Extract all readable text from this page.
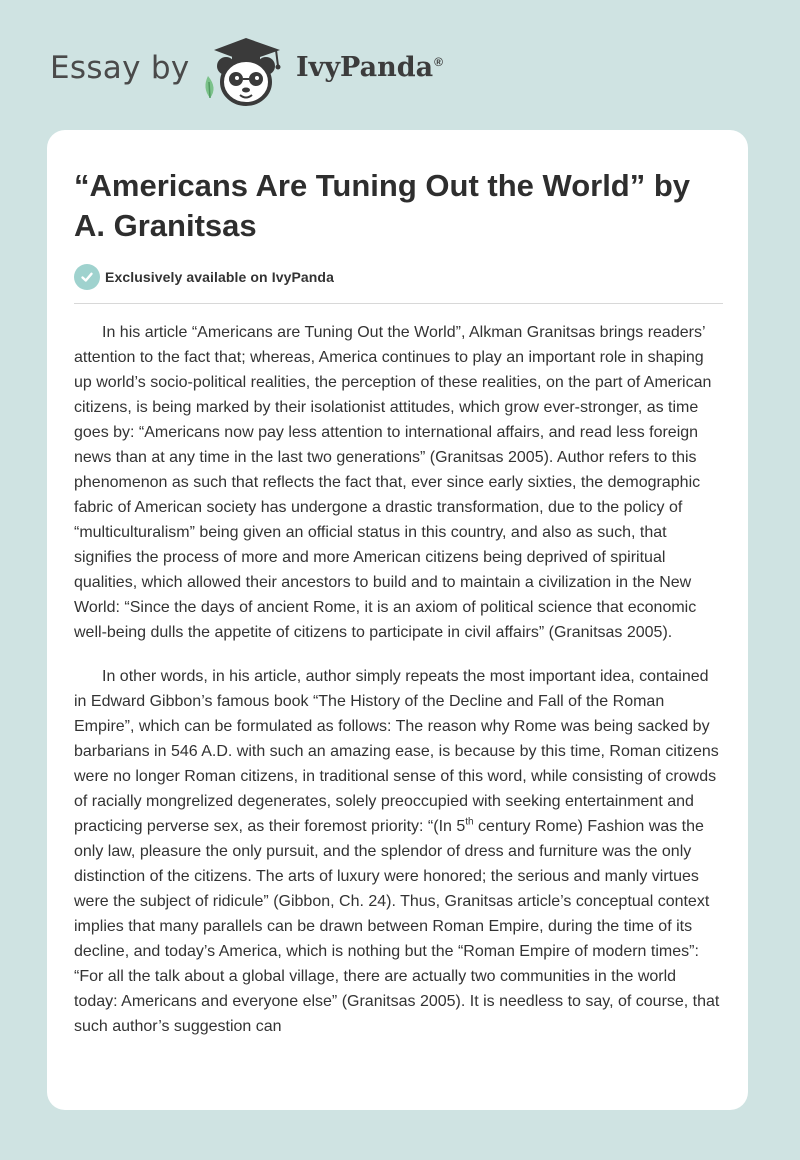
Essay by	IvyPanda®
“Americans Are Tuning Out the World” by A. Granitsas
Exclusively available on IvyPanda

In his article “Americans are Tuning Out the World”, Alkman Granitsas brings readers’ attention to the fact that; whereas, America continues to play an important role in shaping up world’s socio-political realities, the perception of these realities, on the part of American citizens, is being marked by their isolationist attitudes, which grow ever-stronger, as time goes by: “Americans now pay less attention to international affairs, and read less foreign news than at any time in the last two generations” (Granitsas 2005). Author refers to this phenomenon as such that reflects the fact that, ever since early sixties, the demographic fabric of American society has undergone a drastic transformation, due to the policy of “multiculturalism” being given an official status in this country, and also as such, that signifies the process of more and more American citizens being deprived of spiritual qualities, which allowed their ancestors to build and to maintain a civilization in the New World: “Since the days of ancient Rome, it is an axiom of political science that economic well-being dulls the appetite of citizens to participate in civil affairs” (Granitsas 2005).

In other words, in his article, author simply repeats the most important idea, contained in Edward Gibbon’s famous book “The History of the Decline and Fall of the Roman Empire”, which can be formulated as follows: The reason why Rome was being sacked by barbarians in 546 A.D. with such an amazing ease, is because by this time, Roman citizens were no longer Roman citizens, in traditional sense of this word, while consisting of crowds of racially mongrelized degenerates, solely preoccupied with seeking entertainment and practicing perverse sex, as their foremost priority: “(In 5th century Rome) Fashion was the only law, pleasure the only pursuit, and the splendor of dress and furniture was the only distinction of the citizens. The arts of luxury were honored; the serious and manly virtues were the subject of ridicule” (Gibbon, Ch. 24). Thus, Granitsas article’s conceptual context implies that many parallels can be drawn between Roman Empire, during the time of its decline, and today’s America, which is nothing but the “Roman Empire of modern times”: “For all the talk about a global village, there are actually two communities in the world today: Americans and everyone else” (Granitsas 2005). It is needless to say, of course, that such author’s suggestion can
